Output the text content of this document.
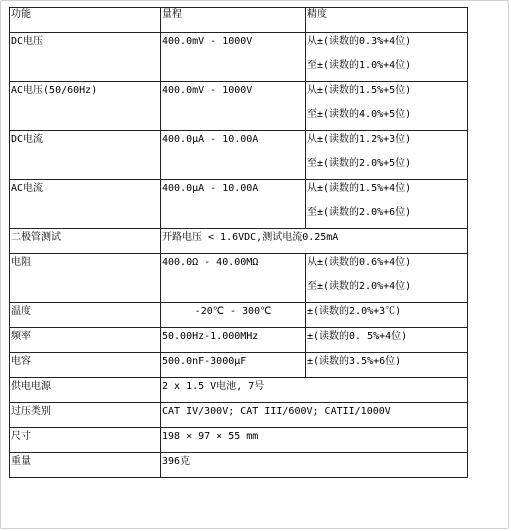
功能	量程	精度

DC电压	400.0mV - 1000V	从±(读数的0.3%+4位)
至±(读数的1.0%+4位)

AC电压(50/60Hz)	400.0mV - 1000V	从±(读数的1.5%+5位)
至±(读数的4.0%+5位)

DC电流	400.0μA - 10.00A	从±(读数的1.2%+3位)
至±(读数的2.0%+5位)

AC电流	400.0μA - 10.00A	从±(读数的1.5%+4位)
至±(读数的2.0%+6位)

二极管测试	开路电压 < 1.6VDC,测试电流0.25mA	

电阻	400.0Ω - 40.00MΩ	从±(读数的0.6%+4位)
至±(读数的2.0%+4位)

温度	-20℃ - 300℃	±(读数的2.0%+3℃)

频率	50.00Hz-1.000MHz	±(读数的0. 5%+4位)

电容	500.0nF-3000μF	±(读数的3.5%+6位)

供电电源	2 x 1.5 V电池, 7号	

过压类别	CAT IV/300V; CAT III/600V; CATII/1000V	

尺寸	198 × 97 × 55 mm	

重量	396克	
